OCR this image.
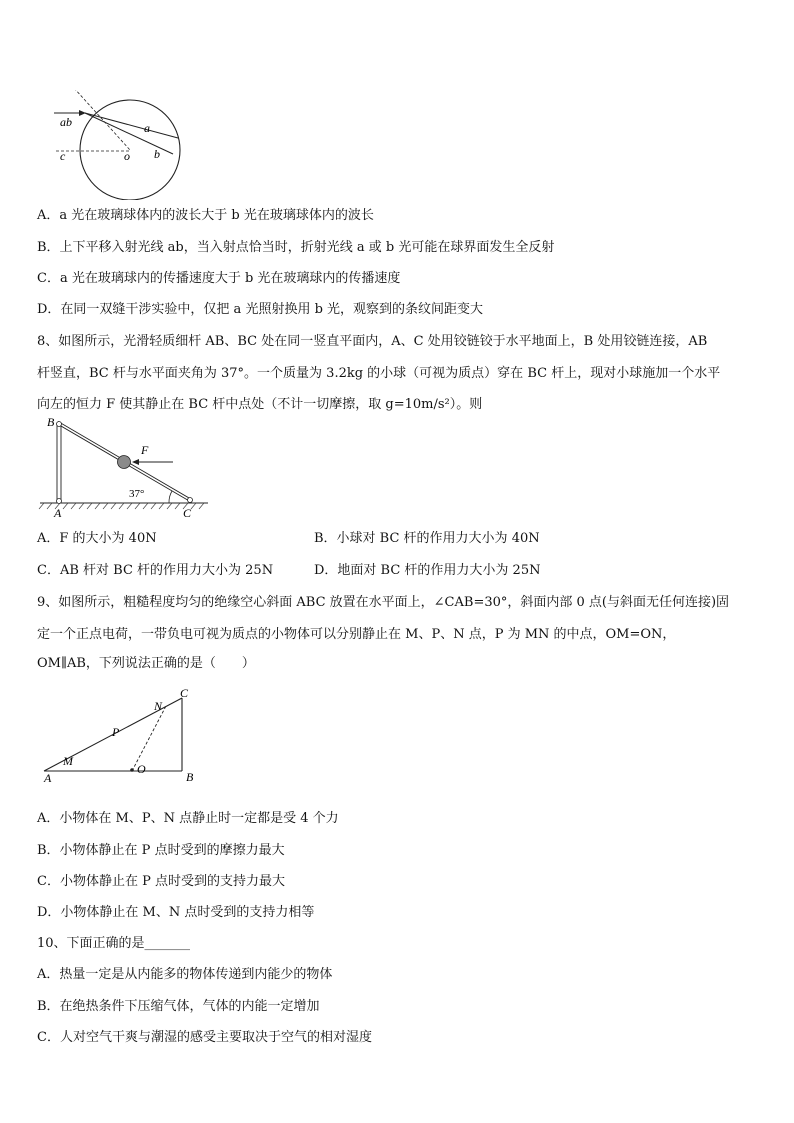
ab	a
b
c	o
A．a 光在玻璃球体内的波长大于 b 光在玻璃球体内的波长
B．上下平移入射光线 ab，当入射点恰当时，折射光线 a 或 b 光可能在球界面发生全反射
C．a 光在玻璃球内的传播速度大于 b 光在玻璃球内的传播速度
D．在同一双缝干涉实验中，仅把 a 光照射换用 b 光，观察到的条纹间距变大
8、如图所示，光滑轻质细杆 AB、BC 处在同一竖直平面内，A、C 处用铰链铰于水平地面上，B 处用铰链连接，AB
杆竖直，BC 杆与水平面夹角为 37°。一个质量为 3.2kg 的小球（可视为质点）穿在 BC 杆上，现对小球施加一个水平
向左的恒力 F 使其静止在 BC 杆中点处（不计一切摩擦，取 g=10m/s²）。则
B
A	C
F
37°
A．F 的大小为 40N	B．小球对 BC 杆的作用力大小为 40N
C．AB 杆对 BC 杆的作用力大小为 25N	D．地面对 BC 杆的作用力大小为 25N
9、如图所示，粗糙程度均匀的绝缘空心斜面 ABC 放置在水平面上，∠CAB=30°，斜面内部 0 点(与斜面无任何连接)固
定一个正点电荷，一带负电可视为质点的小物体可以分别静止在 M、P、N 点，P 为 MN 的中点，OM=ON，
OM∥AB，下列说法正确的是（　　）
C
N
P
M
A
O
B
A．小物体在 M、P、N 点静止时一定都是受 4 个力
B．小物体静止在 P 点时受到的摩擦力最大
C．小物体静止在 P 点时受到的支持力最大
D．小物体静止在 M、N 点时受到的支持力相等
10、下面正确的是_______
A．热量一定是从内能多的物体传递到内能少的物体
B．在绝热条件下压缩气体，气体的内能一定增加
C．人对空气干爽与潮湿的感受主要取决于空气的相对湿度
